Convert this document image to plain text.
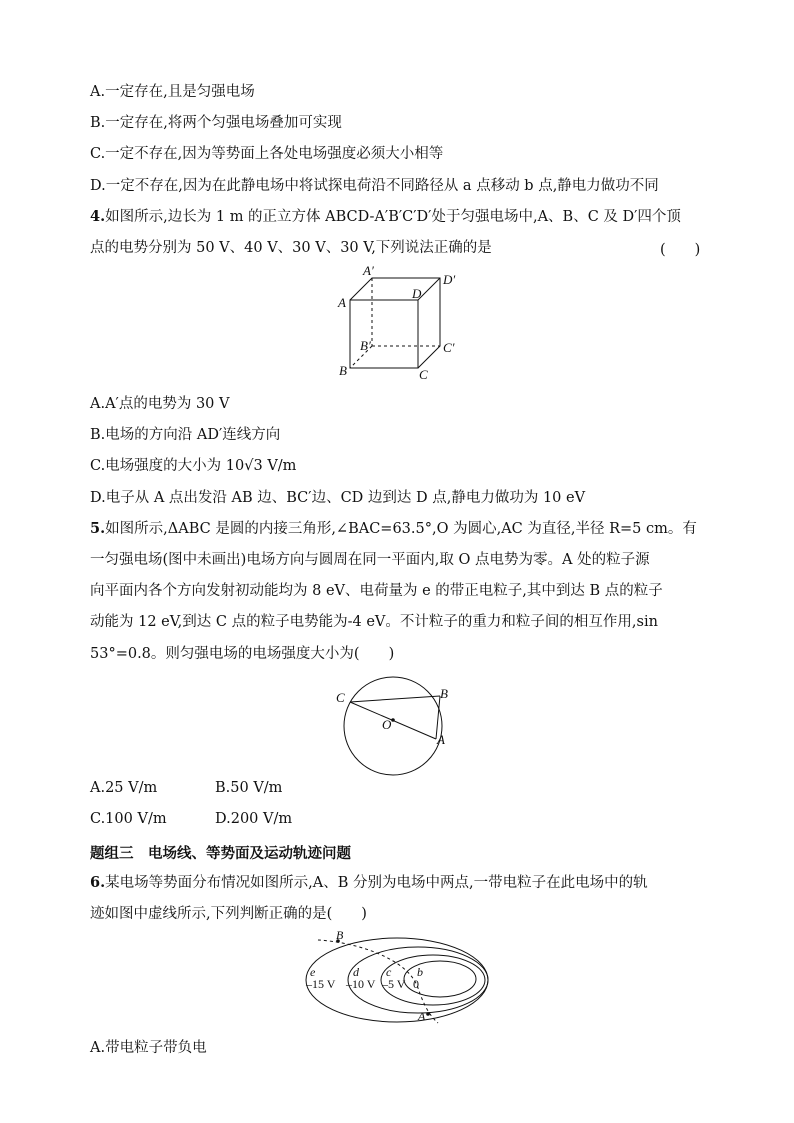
A.一定存在,且是匀强电场
B.一定存在,将两个匀强电场叠加可实现
C.一定不存在,因为等势面上各处电场强度必须大小相等
D.一定不存在,因为在此静电场中将试探电荷沿不同路径从 a 点移动 b 点,静电力做功不同
4.如图所示,边长为 1 m 的正立方体 ABCD-A′B′C′D′处于匀强电场中,A、B、C 及 D′四个顶
点的电势分别为 50 V、40 V、30 V、30 V,下列说法正确的是	(　　)
A′
D′
A
D
B′	C′
B	C
A.A′点的电势为 30 V
B.电场的方向沿 AD′连线方向
C.电场强度的大小为 10√3 V/m
D.电子从 A 点出发沿 AB 边、BC′边、CD 边到达 D 点,静电力做功为 10 eV
5.如图所示,ΔABC 是圆的内接三角形,∠BAC=63.5°,O 为圆心,AC 为直径,半径 R=5 cm。有
一匀强电场(图中未画出)电场方向与圆周在同一平面内,取 O 点电势为零。A 处的粒子源
向平面内各个方向发射初动能均为 8 eV、电荷量为 e 的带正电粒子,其中到达 B 点的粒子
动能为 12 eV,到达 C 点的粒子电势能为-4 eV。不计粒子的重力和粒子间的相互作用,sin
53°=0.8。则匀强电场的电场强度大小为(　　)
C	B
O
A
A.25 V/m	B.50 V/m
C.100 V/m	D.200 V/m
题组三　电场线、等势面及运动轨迹问题
6.某电场等势面分布情况如图所示,A、B 分别为电场中两点,一带电粒子在此电场中的轨
迹如图中虚线所示,下列判断正确的是(　　)
B
A
e	d c b
–15 V –10 V –5 V 0
A.带电粒子带负电
